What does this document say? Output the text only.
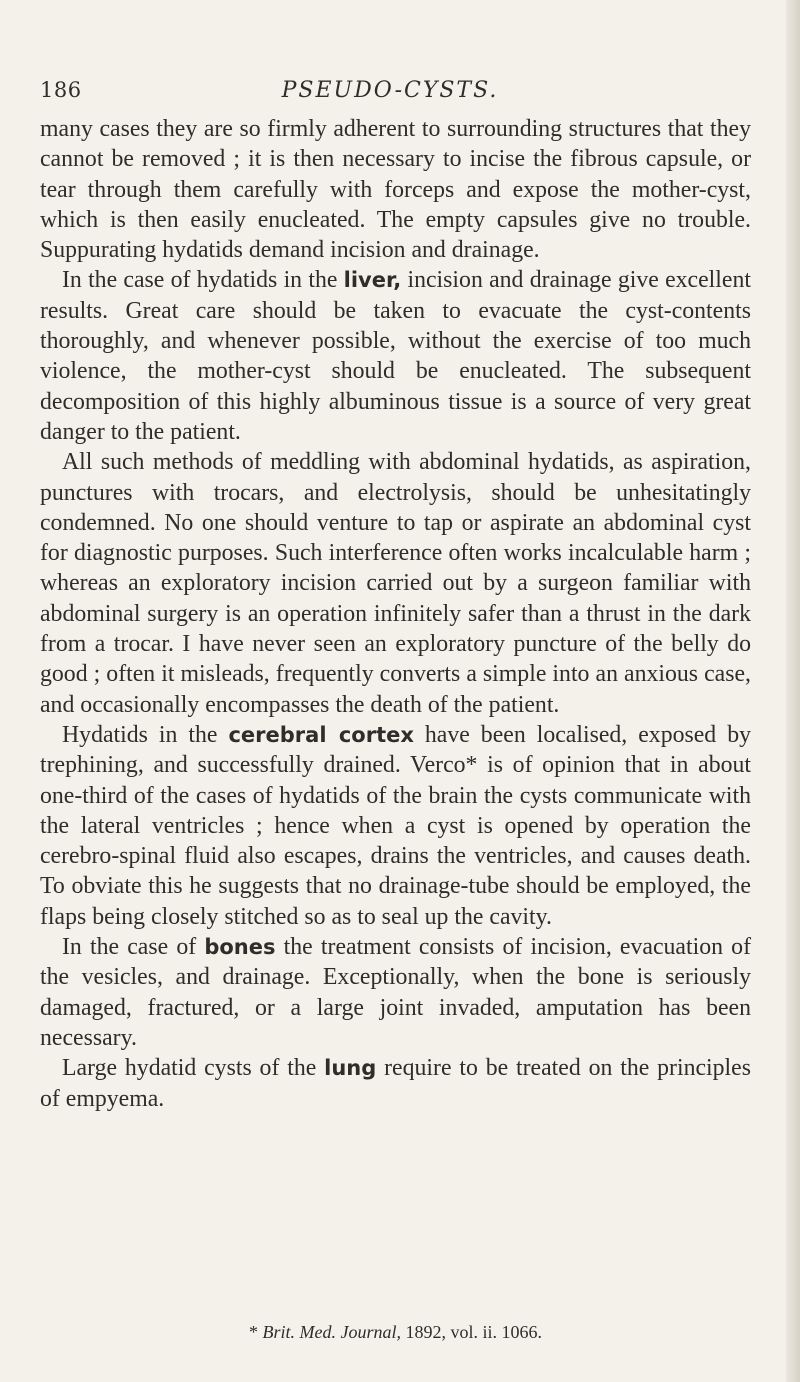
186	PSEUDO-CYSTS.

many cases they are so firmly adherent to surrounding structures that they cannot be removed ; it is then necessary to incise the fibrous capsule, or tear through them carefully with forceps and expose the mother-cyst, which is then easily enucleated. The empty capsules give no trouble. Suppurating hydatids demand incision and drainage.

In the case of hydatids in the liver, incision and drainage give excellent results. Great care should be taken to evacuate the cyst-contents thoroughly, and whenever possible, without the exercise of too much violence, the mother-cyst should be enucleated. The subsequent decomposition of this highly albuminous tissue is a source of very great danger to the patient.

All such methods of meddling with abdominal hydatids, as aspiration, punctures with trocars, and electrolysis, should be unhesitatingly condemned. No one should venture to tap or aspirate an abdominal cyst for diagnostic purposes. Such interference often works incalculable harm ; whereas an exploratory incision carried out by a surgeon familiar with abdominal surgery is an operation infinitely safer than a thrust in the dark from a trocar. I have never seen an exploratory puncture of the belly do good ; often it misleads, frequently converts a simple into an anxious case, and occasionally encompasses the death of the patient.

Hydatids in the cerebral cortex have been localised, exposed by trephining, and successfully drained. Verco* is of opinion that in about one-third of the cases of hydatids of the brain the cysts communicate with the lateral ventricles ; hence when a cyst is opened by operation the cerebro-spinal fluid also escapes, drains the ventricles, and causes death. To obviate this he suggests that no drainage-tube should be employed, the flaps being closely stitched so as to seal up the cavity.

In the case of bones the treatment consists of incision, evacuation of the vesicles, and drainage. Exceptionally, when the bone is seriously damaged, fractured, or a large joint invaded, amputation has been necessary.

Large hydatid cysts of the lung require to be treated on the principles of empyema.

* Brit. Med. Journal, 1892, vol. ii. 1066.
